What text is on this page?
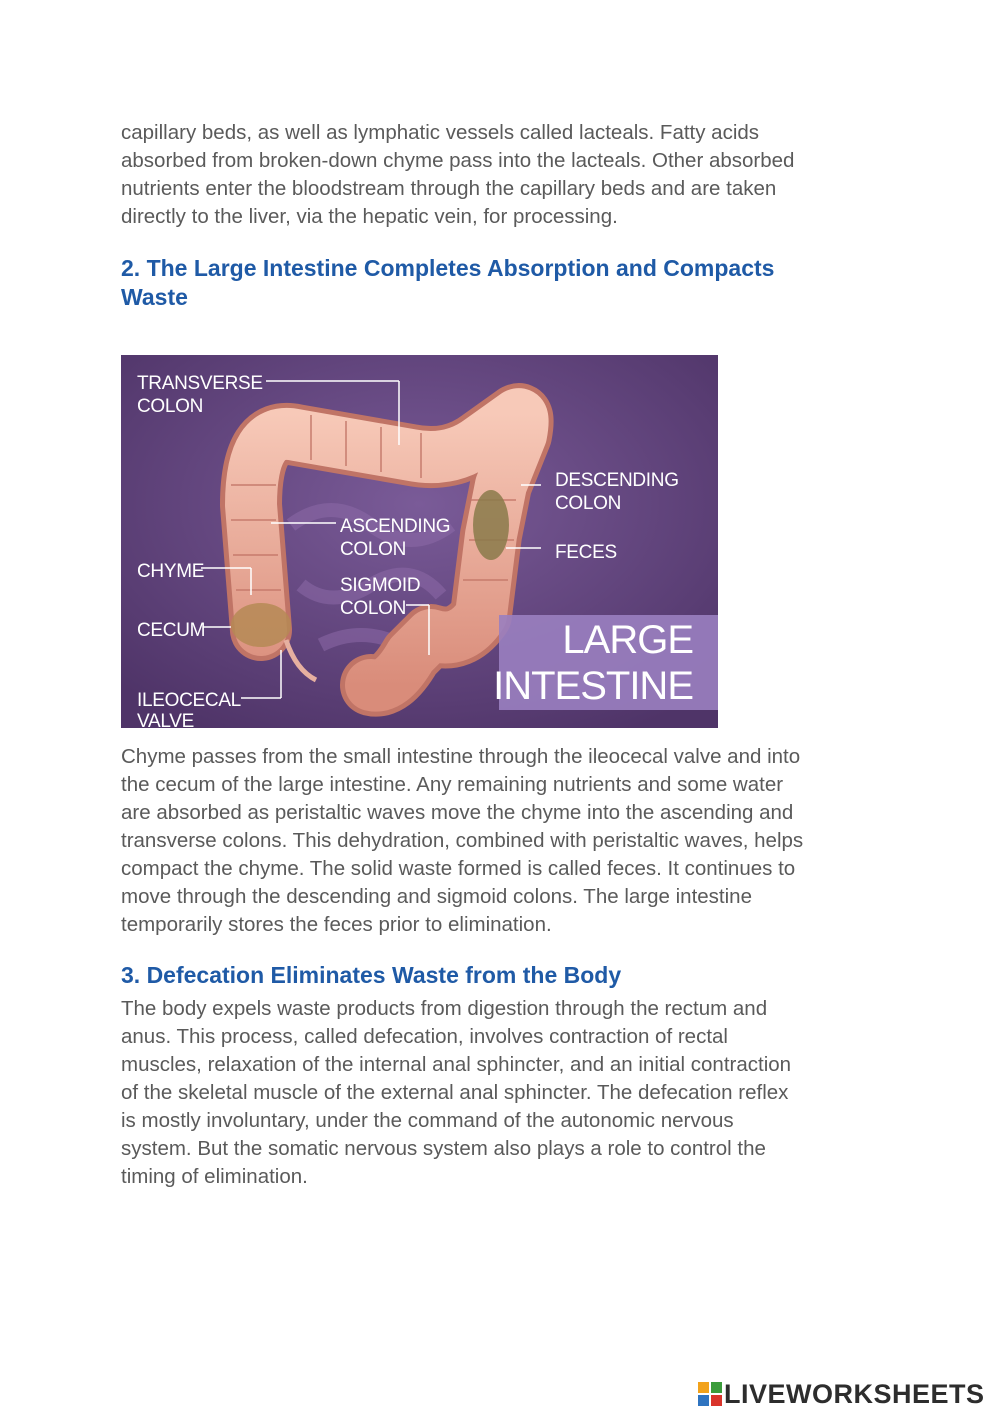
capillary beds, as well as lymphatic vessels called lacteals. Fatty acids
absorbed from broken-down chyme pass into the lacteals. Other absorbed
nutrients enter the bloodstream through the capillary beds and are taken
directly to the liver, via the hepatic vein, for processing.
2. The Large Intestine Completes Absorption and Compacts
Waste
TRANSVERSE
COLON
DESCENDING
COLON
ASCENDING
COLON	FECES
CHYME
SIGMOID
COLON
CECUM
ILEOCECAL
VALVE
LARGE
INTESTINE
Chyme passes from the small intestine through the ileocecal valve and into
the cecum of the large intestine. Any remaining nutrients and some water
are absorbed as peristaltic waves move the chyme into the ascending and
transverse colons. This dehydration, combined with peristaltic waves, helps
compact the chyme. The solid waste formed is called feces. It continues to
move through the descending and sigmoid colons. The large intestine
temporarily stores the feces prior to elimination.
3. Defecation Eliminates Waste from the Body
The body expels waste products from digestion through the rectum and
anus. This process, called defecation, involves contraction of rectal
muscles, relaxation of the internal anal sphincter, and an initial contraction
of the skeletal muscle of the external anal sphincter. The defecation reflex
is mostly involuntary, under the command of the autonomic nervous
system. But the somatic nervous system also plays a role to control the
timing of elimination.
LIVEWORKSHEETS
